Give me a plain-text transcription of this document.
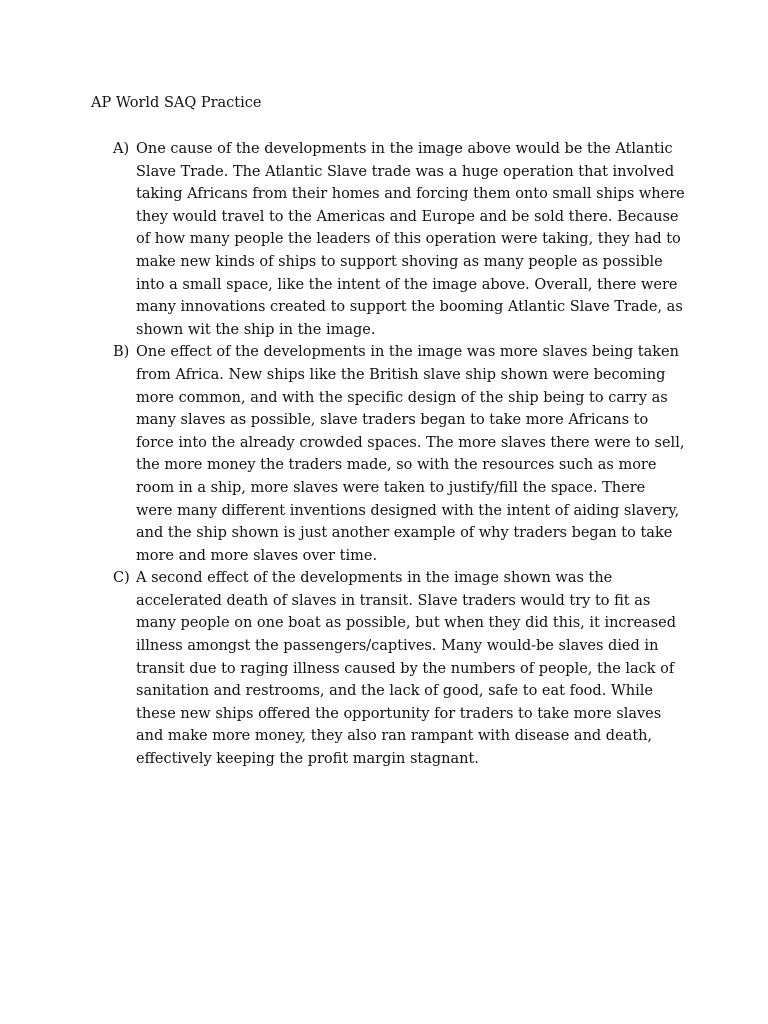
AP World SAQ Practice
A) One cause of the developments in the image above would be the Atlantic Slave Trade. The Atlantic Slave trade was a huge operation that involved taking Africans from their homes and forcing them onto small ships where they would travel to the Americas and Europe and be sold there. Because of how many people the leaders of this operation were taking, they had to make new kinds of ships to support shoving as many people as possible into a small space, like the intent of the image above. Overall, there were many innovations created to support the booming Atlantic Slave Trade, as shown wit the ship in the image.

B) One effect of the developments in the image was more slaves being taken from Africa. New ships like the British slave ship shown were becoming more common, and with the specific design of the ship being to carry as many slaves as possible, slave traders began to take more Africans to force into the already crowded spaces. The more slaves there were to sell, the more money the traders made, so with the resources such as more room in a ship, more slaves were taken to justify/fill the space. There were many different inventions designed with the intent of aiding slavery, and the ship shown is just another example of why traders began to take more and more slaves over time.

C) A second effect of the developments in the image shown was the accelerated death of slaves in transit. Slave traders would try to fit as many people on one boat as possible, but when they did this, it increased illness amongst the passengers/captives. Many would-be slaves died in transit due to raging illness caused by the numbers of people, the lack of sanitation and restrooms, and the lack of good, safe to eat food. While these new ships offered the opportunity for traders to take more slaves and make more money, they also ran rampant with disease and death, effectively keeping the profit margin stagnant.
